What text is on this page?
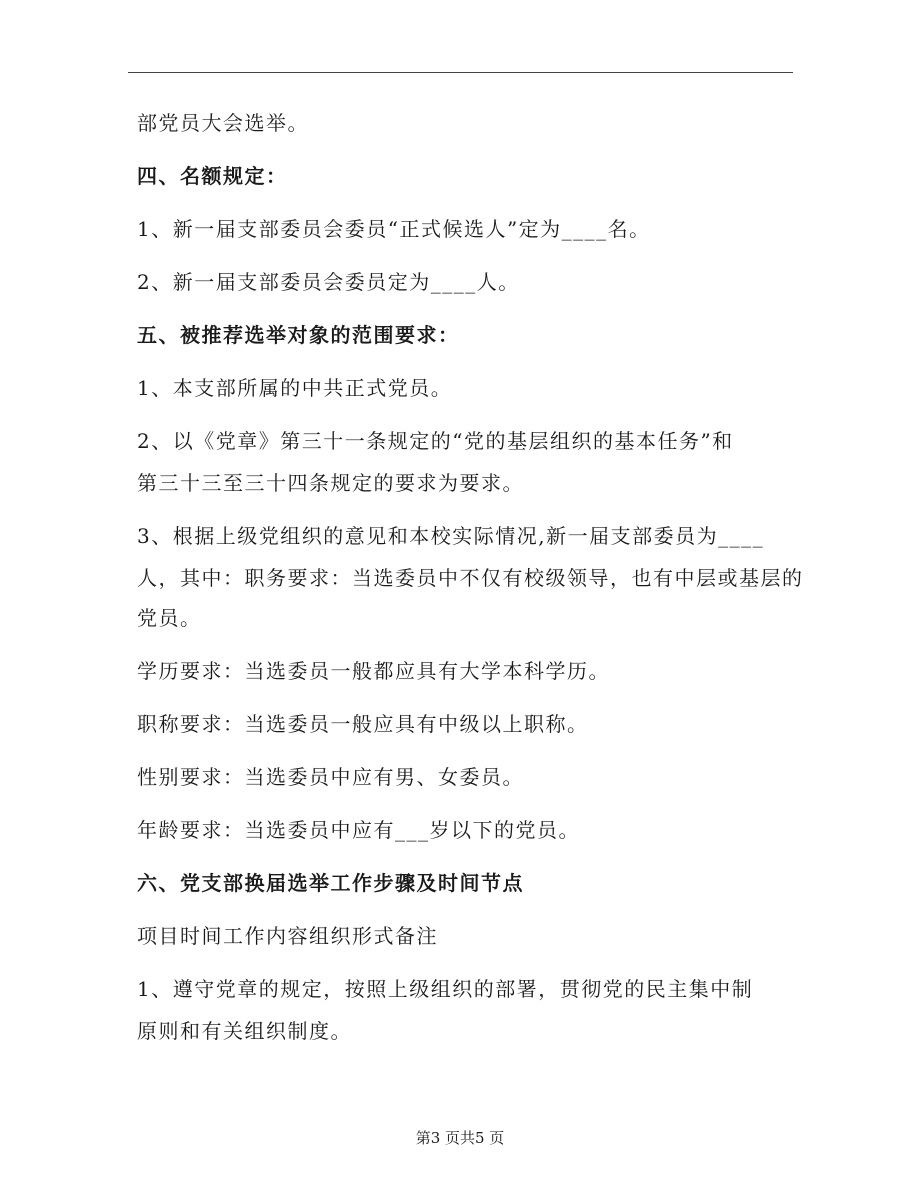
部党员大会选举。
四、名额规定：
1、新一届支部委员会委员“正式候选人”定为____名。
2、新一届支部委员会委员定为____人。
五、被推荐选举对象的范围要求：
1、本支部所属的中共正式党员。
2、以《党章》第三十一条规定的“党的基层组织的基本任务”和
第三十三至三十四条规定的要求为要求。
3、根据上级党组织的意见和本校实际情况,新一届支部委员为____
人，其中：职务要求：当选委员中不仅有校级领导，也有中层或基层的
党员。
学历要求：当选委员一般都应具有大学本科学历。
职称要求：当选委员一般应具有中级以上职称。
性别要求：当选委员中应有男、女委员。
年龄要求：当选委员中应有___岁以下的党员。
六、党支部换届选举工作步骤及时间节点
项目时间工作内容组织形式备注
1、遵守党章的规定，按照上级组织的部署，贯彻党的民主集中制
原则和有关组织制度。
第3 页共5 页
